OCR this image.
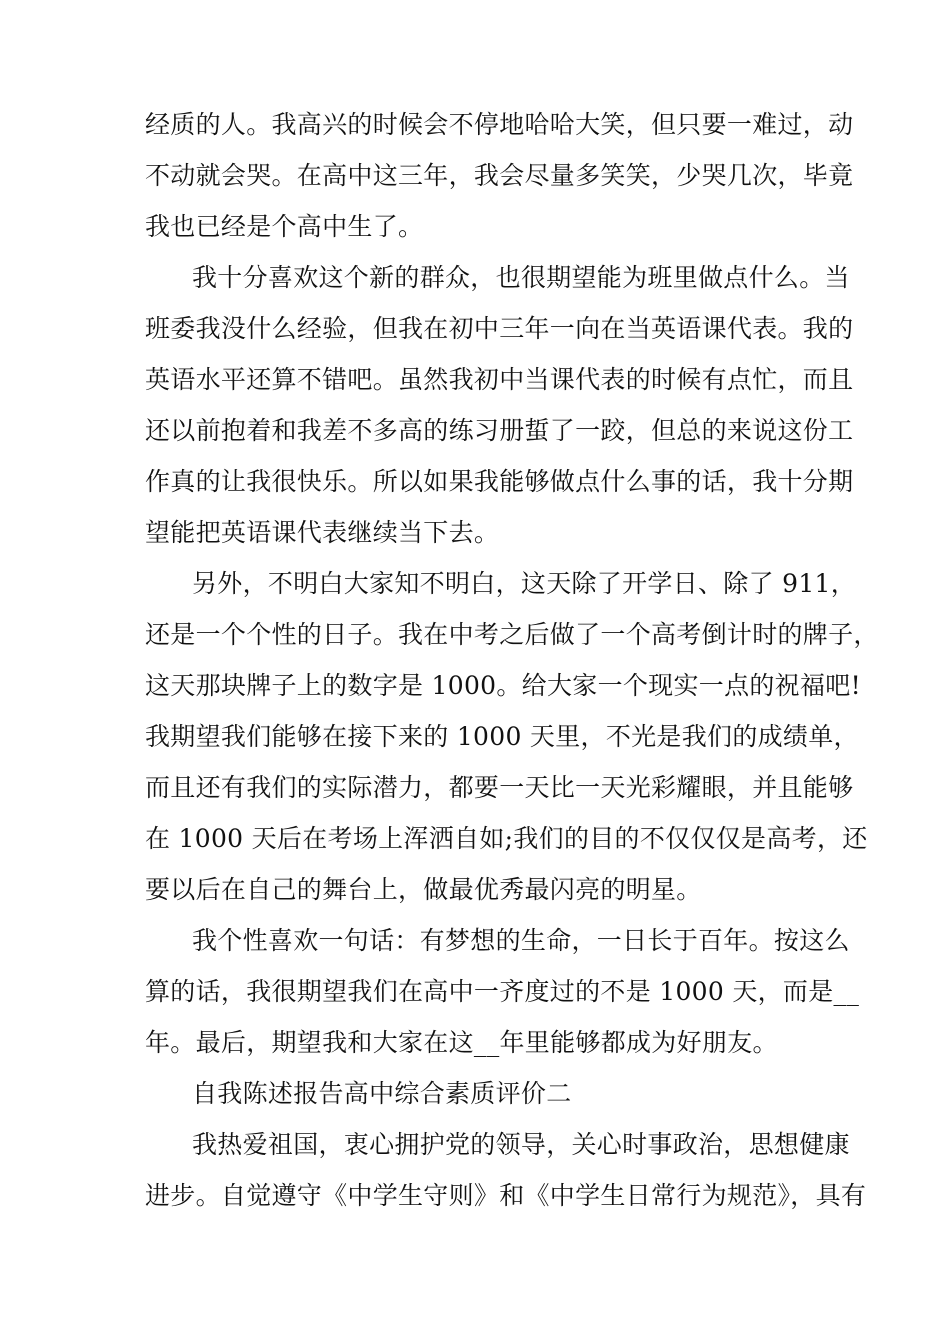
经质的人。我高兴的时候会不停地哈哈大笑，但只要一难过，动
不动就会哭。在高中这三年，我会尽量多笑笑，少哭几次，毕竟
我也已经是个高中生了。
我十分喜欢这个新的群众，也很期望能为班里做点什么。当
班委我没什么经验，但我在初中三年一向在当英语课代表。我的
英语水平还算不错吧。虽然我初中当课代表的时候有点忙，而且
还以前抱着和我差不多高的练习册蜇了一跤，但总的来说这份工
作真的让我很快乐。所以如果我能够做点什么事的话，我十分期
望能把英语课代表继续当下去。
另外，不明白大家知不明白，这天除了开学日、除了 911，
还是一个个性的日子。我在中考之后做了一个高考倒计时的牌子，
这天那块牌子上的数字是 1000。给大家一个现实一点的祝福吧!
我期望我们能够在接下来的 1000 天里，不光是我们的成绩单，
而且还有我们的实际潜力，都要一天比一天光彩耀眼，并且能够
在 1000 天后在考场上浑洒自如;我们的目的不仅仅仅是高考，还
要以后在自己的舞台上，做最优秀最闪亮的明星。
我个性喜欢一句话：有梦想的生命，一日长于百年。按这么
算的话，我很期望我们在高中一齐度过的不是 1000 天，而是__
年。最后，期望我和大家在这__年里能够都成为好朋友。
自我陈述报告高中综合素质评价二
我热爱祖国，衷心拥护党的领导，关心时事政治，思想健康
进步。自觉遵守《中学生守则》和《中学生日常行为规范》，具有
